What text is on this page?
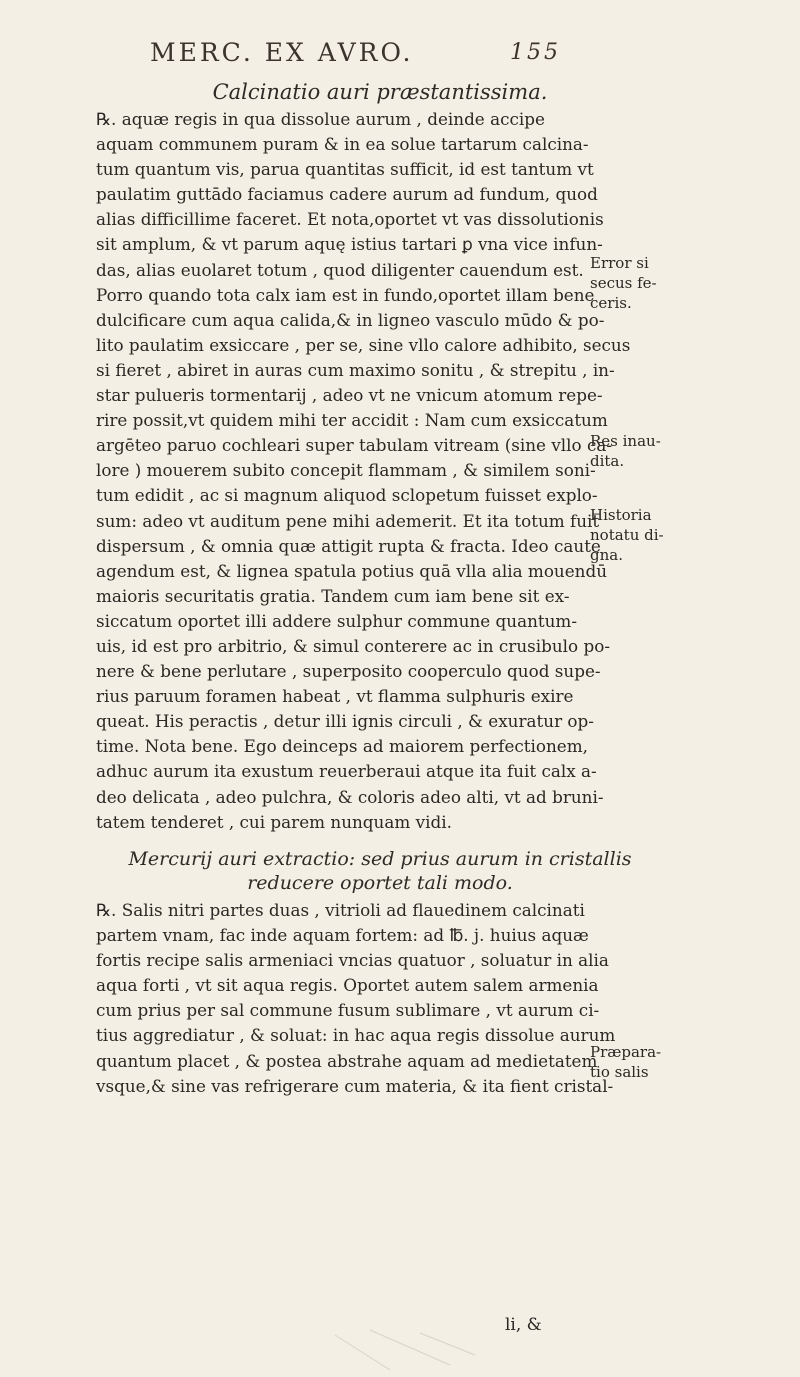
MERC. EX AVRO.	155
Calcinatio auri præstantissima.
℞. aquæ regis in qua dissolue aurum , deinde accipe
aquam communem puram & in ea solue tartarum calcina-
tum quantum vis, parua quantitas sufficit, id est tantum vt
paulatim guttādo faciamus cadere aurum ad fundum, quod
alias difficillime faceret. Et nota,oportet vt vas dissolutionis
sit amplum, & vt parum aquę istius tartari ꝑ vna vice infun-
das, alias euolaret totum , quod diligenter cauendum est.
Porro quando tota calx iam est in fundo,oportet illam bene
dulcificare cum aqua calida,& in ligneo vasculo mūdo & po-
lito paulatim exsiccare , per se, sine vllo calore adhibito, secus
si fieret , abiret in auras cum maximo sonitu , & strepitu , in-
star pulueris tormentarij , adeo vt ne vnicum atomum repe-
rire possit,vt quidem mihi ter accidit : Nam cum exsiccatum
argēteo paruo cochleari super tabulam vitream (sine vllo ca-
lore ) mouerem subito concepit flammam , & similem soni-
tum edidit , ac si magnum aliquod sclopetum fuisset explo-
sum: adeo vt auditum pene mihi ademerit. Et ita totum fuit
dispersum , & omnia quæ attigit rupta & fracta. Ideo caute
agendum est, & lignea spatula potius quā vlla alia mouendū
maioris securitatis gratia. Tandem cum iam bene sit ex-
siccatum oportet illi addere sulphur commune quantum-
uis, id est pro arbitrio, & simul conterere ac in crusibulo po-
nere & bene perlutare , superposito cooperculo quod supe-
rius paruum foramen habeat , vt flamma sulphuris exire
queat. His peractis , detur illi ignis circuli , & exuratur op-
time. Nota bene. Ego deinceps ad maiorem perfectionem,
adhuc aurum ita exustum reuerberaui atque ita fuit calx a-
deo delicata , adeo pulchra, & coloris adeo alti, vt ad bruni-
tatem tenderet , cui parem nunquam vidi.
Mercurij auri extractio: sed prius aurum in cristallis
reducere oportet tali modo.
℞. Salis nitri partes duas , vitrioli ad flauedinem calcinati
partem vnam, fac inde aquam fortem: ad ℔. j. huius aquæ
fortis recipe salis armeniaci vncias quatuor , soluatur in alia
aqua forti , vt sit aqua regis. Oportet autem salem armenia
cum prius per sal commune fusum sublimare , vt aurum ci-
tius aggrediatur , & soluat: in hac aqua regis dissolue aurum
quantum placet , & postea abstrahe aquam ad medietatem
vsque,& sine vas refrigerare cum materia, & ita fient cristal-
Error si
secus fe-
ceris.
Res inau-
dita.
Historia
notatu di-
gna.
Præpara-
tio salis
li, &
